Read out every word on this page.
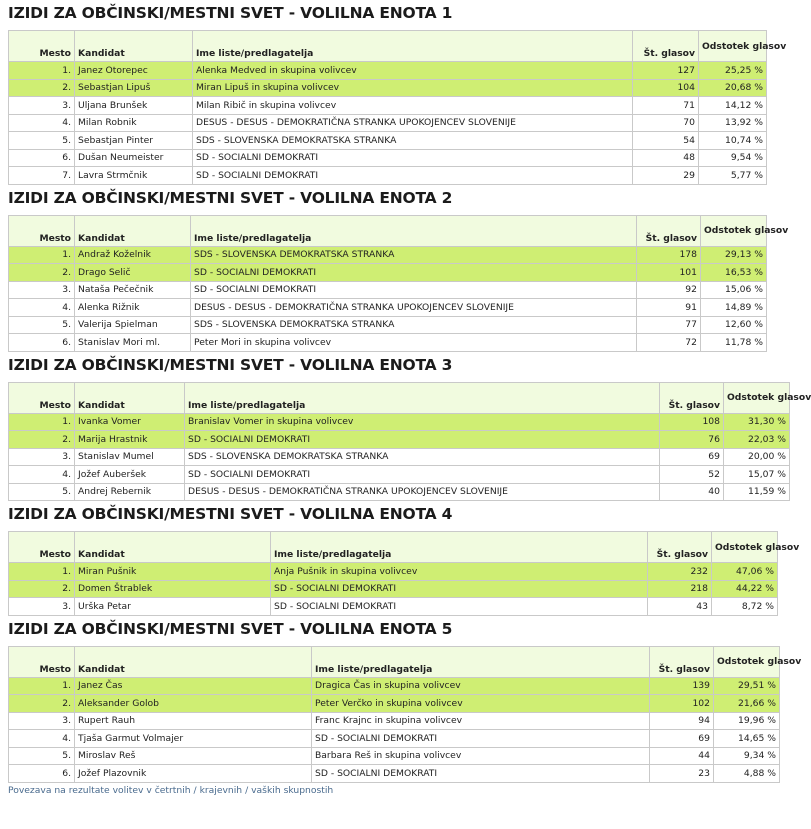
IZIDI ZA OBČINSKI/MESTNI SVET - VOLILNA ENOTA 1
Mesto	Kandidat	Ime liste/predlagatelja	Št. glasov	Odstotek glasov
1.	Janez Otorepec	Alenka Medved in skupina volivcev	127	25,25 %
2.	Sebastjan Lipuš	Miran Lipuš in skupina volivcev	104	20,68 %
3.	Uljana Brunšek	Milan Ribič in skupina volivcev	71	14,12 %
4.	Milan Robnik	DESUS - DESUS - DEMOKRATIČNA STRANKA UPOKOJENCEV SLOVENIJE	70	13,92 %
5.	Sebastjan Pinter	SDS - SLOVENSKA DEMOKRATSKA STRANKA	54	10,74 %
6.	Dušan Neumeister	SD - SOCIALNI DEMOKRATI	48	9,54 %
7.	Lavra Strmčnik	SD - SOCIALNI DEMOKRATI	29	5,77 %
IZIDI ZA OBČINSKI/MESTNI SVET - VOLILNA ENOTA 2
Mesto	Kandidat	Ime liste/predlagatelja	Št. glasov	Odstotek glasov
1.	Andraž Koželnik	SDS - SLOVENSKA DEMOKRATSKA STRANKA	178	29,13 %
2.	Drago Selič	SD - SOCIALNI DEMOKRATI	101	16,53 %
3.	Nataša Pečečnik	SD - SOCIALNI DEMOKRATI	92	15,06 %
4.	Alenka Rižnik	DESUS - DESUS - DEMOKRATIČNA STRANKA UPOKOJENCEV SLOVENIJE	91	14,89 %
5.	Valerija Spielman	SDS - SLOVENSKA DEMOKRATSKA STRANKA	77	12,60 %
6.	Stanislav Mori ml.	Peter Mori in skupina volivcev	72	11,78 %
IZIDI ZA OBČINSKI/MESTNI SVET - VOLILNA ENOTA 3
Mesto	Kandidat	Ime liste/predlagatelja	Št. glasov	Odstotek glasov
1.	Ivanka Vomer	Branislav Vomer in skupina volivcev	108	31,30 %
2.	Marija Hrastnik	SD - SOCIALNI DEMOKRATI	76	22,03 %
3.	Stanislav Mumel	SDS - SLOVENSKA DEMOKRATSKA STRANKA	69	20,00 %
4.	Jožef Auberšek	SD - SOCIALNI DEMOKRATI	52	15,07 %
5.	Andrej Rebernik	DESUS - DESUS - DEMOKRATIČNA STRANKA UPOKOJENCEV SLOVENIJE	40	11,59 %
IZIDI ZA OBČINSKI/MESTNI SVET - VOLILNA ENOTA 4
Mesto	Kandidat	Ime liste/predlagatelja	Št. glasov	Odstotek glasov
1.	Miran Pušnik	Anja Pušnik in skupina volivcev	232	47,06 %
2.	Domen Štrablek	SD - SOCIALNI DEMOKRATI	218	44,22 %
3.	Urška Petar	SD - SOCIALNI DEMOKRATI	43	8,72 %
IZIDI ZA OBČINSKI/MESTNI SVET - VOLILNA ENOTA 5
Mesto	Kandidat	Ime liste/predlagatelja	Št. glasov	Odstotek glasov
1.	Janez Čas	Dragica Čas in skupina volivcev	139	29,51 %
2.	Aleksander Golob	Peter Verčko in skupina volivcev	102	21,66 %
3.	Rupert Rauh	Franc Krajnc in skupina volivcev	94	19,96 %
4.	Tjaša Garmut Volmajer	SD - SOCIALNI DEMOKRATI	69	14,65 %
5.	Miroslav Reš	Barbara Reš in skupina volivcev	44	9,34 %
6.	Jožef Plazovnik	SD - SOCIALNI DEMOKRATI	23	4,88 %
Povezava na rezultate volitev v četrtnih / krajevnih / vaških skupnostih
